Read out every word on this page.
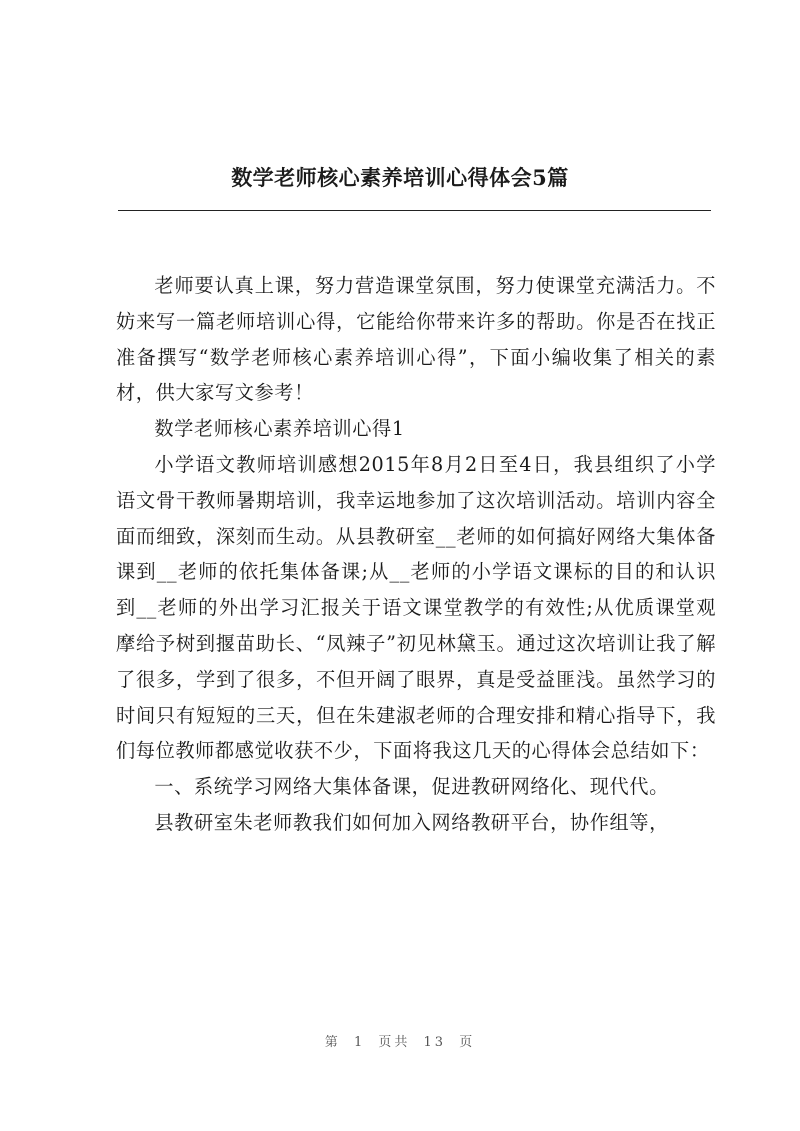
数学老师核心素养培训心得体会5篇

老师要认真上课，努力营造课堂氛围，努力使课堂充满活力。不妨来写一篇老师培训心得，它能给你带来许多的帮助。你是否在找正准备撰写“数学老师核心素养培训心得”，下面小编收集了相关的素材，供大家写文参考！

数学老师核心素养培训心得1

小学语文教师培训感想2015年8月2日至4日，我县组织了小学语文骨干教师暑期培训，我幸运地参加了这次培训活动。培训内容全面而细致，深刻而生动。从县教研室__老师的如何搞好网络大集体备课到__老师的依托集体备课;从__老师的小学语文课标的目的和认识到__老师的外出学习汇报关于语文课堂教学的有效性;从优质课堂观摩给予树到揠苗助长、“凤辣子”初见林黛玉。通过这次培训让我了解了很多，学到了很多，不但开阔了眼界，真是受益匪浅。虽然学习的时间只有短短的三天，但在朱建淑老师的合理安排和精心指导下，我们每位教师都感觉收获不少，下面将我这几天的心得体会总结如下：

一、系统学习网络大集体备课，促进教研网络化、现代代。

县教研室朱老师教我们如何加入网络教研平台，协作组等，

第 1 页共 13 页
